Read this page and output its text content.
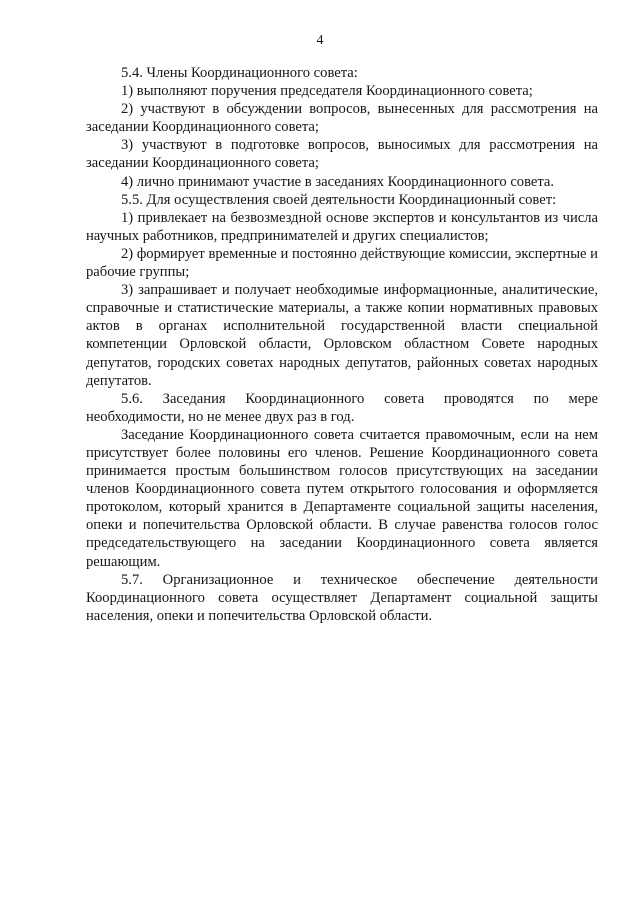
4

5.4. Члены Координационного совета:

1) выполняют поручения председателя Координационного совета;

2) участвуют в обсуждении вопросов, вынесенных для рассмотрения на заседании Координационного совета;

3) участвуют в подготовке вопросов, выносимых для рассмотрения на заседании Координационного совета;

4) лично принимают участие в заседаниях Координационного совета.

5.5. Для осуществления своей деятельности Координационный совет:

1) привлекает на безвозмездной основе экспертов и консультантов из числа научных работников, предпринимателей и других специалистов;

2) формирует временные и постоянно действующие комиссии, экспертные и рабочие группы;

3) запрашивает и получает необходимые информационные, аналитические, справочные и статистические материалы, а также копии нормативных правовых актов в органах исполнительной государственной власти специальной компетенции Орловской области, Орловском областном Совете народных депутатов, городских советах народных депутатов, районных советах народных депутатов.

5.6. Заседания Координационного совета проводятся по мере необходимости, но не менее двух раз в год.

Заседание Координационного совета считается правомочным, если на нем присутствует более половины его членов. Решение Координационного совета принимается простым большинством голосов присутствующих на заседании членов Координационного совета путем открытого голосования и оформляется протоколом, который хранится в Департаменте социальной защиты населения, опеки и попечительства Орловской области. В случае равенства голосов голос председательствующего на заседании Координационного совета является решающим.

5.7. Организационное и техническое обеспечение деятельности Координационного совета осуществляет Департамент социальной защиты населения, опеки и попечительства Орловской области.
